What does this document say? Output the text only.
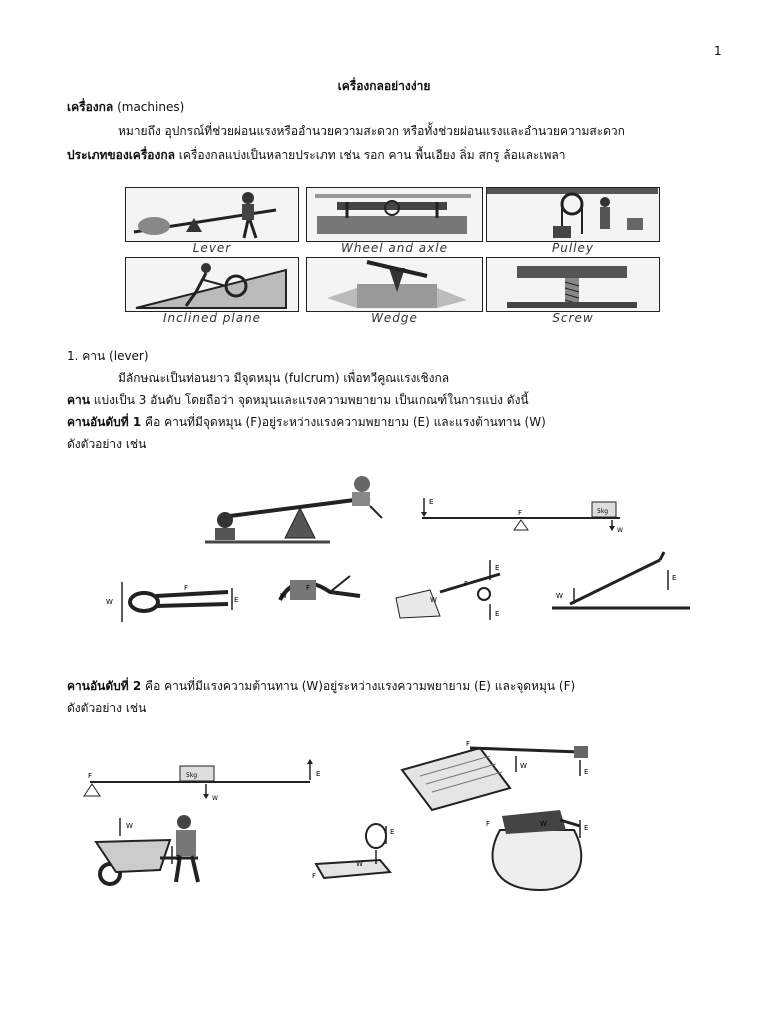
1
เครื่องกลอย่างง่าย
เครื่องกล (machines)
หมายถึง อุปกรณ์ที่ช่วยผ่อนแรงหรืออำนวยความสะดวก หรือทั้งช่วยผ่อนแรงและอำนวยความสะดวก
ประเภทของเครื่องกล เครื่องกลแบ่งเป็นหลายประเภท เช่น รอก คาน พื้นเอียง ลิ่ม สกรู ล้อและเพลา
Lever	Wheel and axle	Pulley
Inclined plane	Wedge	Screw
1. คาน (lever)
มีลักษณะเป็นท่อนยาว มีจุดหมุน (fulcrum) เพื่อทวีคูณแรงเชิงกล
คาน แบ่งเป็น 3 อันดับ โดยถือว่า จุดหมุนและแรงความพยายาม เป็นเกณฑ์ในการแบ่ง ดังนี้
คานอันดับที่ 1 คือ คานที่มีจุดหมุน (F)อยู่ระหว่างแรงความพยายาม (E) และแรงต้านทาน (W)
ดังตัวอย่าง เช่น
E
F	5kg
W
W
F
E	W
F
E
F
W
E
W
E
คานอันดับที่ 2 คือ คานที่มีแรงความต้านทาน (W)อยู่ระหว่างแรงความพยายาม (E) และจุดหมุน (F)
ดังตัวอย่าง เช่น
F	5kg
W
E
W
E
F
W
E
E
W
F
F	W	E
